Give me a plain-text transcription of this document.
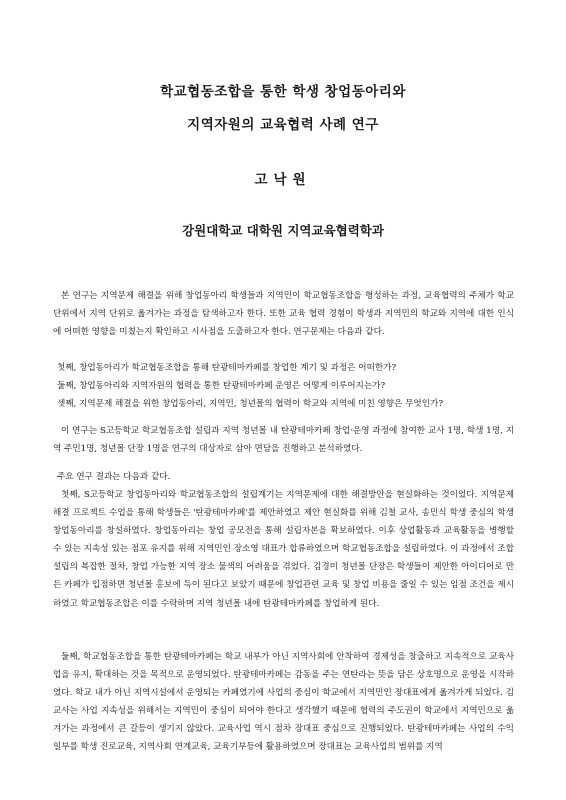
학교협동조합을 통한 학생 창업동아리와
지역자원의 교육협력 사례 연구

고낙원

강원대학교 대학원 지역교육협력학과

본 연구는 지역문제 해결을 위해 창업동아리 학생들과 지역민이 학교협동조합을 형성하는 과정, 교육협력의 주체가 학교 단위에서 지역 단위로 옮겨가는 과정을 탐색하고자 한다. 또한 교육 협력 경험이 학생과 지역민의 학교와 지역에 대한 인식에 어떠한 영향을 미쳤는지 확인하고 시사점을 도출하고자 한다. 연구문제는 다음과 같다.

첫째, 창업동아리가 학교협동조합을 통해 탄광테마카페를 창업한 계기 및 과정은 어떠한가?

둘째, 창업동아리와 지역자원의 협력을 통한 탄광테마카페 운영은 어떻게 이루어지는가?

셋째, 지역문제 해결을 위한 창업동아리, 지역민, 청년몰의 협력이 학교와 지역에 미친 영향은 무엇인가?

이 연구는 S고등학교 학교협동조합 설립과 지역 청년몰 내 탄광테마카페 창업·운영 과정에 참여한 교사 1명, 학생 1명, 지역 주민1명, 청년몰 단장 1명을 연구의 대상자로 삼아 면담을 진행하고 분석하였다.

주요 연구 결과는 다음과 같다.

첫째, S고등학교 창업동아리와 학교협동조합의 설립계기는 지역문제에 대한 해결방안을 현실화하는 것이었다. 지역문제 해결 프로젝트 수업을 통해 학생들은 '탄광테마카페'를 제안하였고 제안 현실화를 위해 김철 교사, 송민식 학생 중심의 학생 창업동아리를 창설하였다. 창업동아리는 창업 공모전을 통해 설립자본을 확보하였다. 이후 상업활동과 교육활동을 병행할 수 있는 지속성 있는 점포 유지를 위해 지역민인 장소영 대표가 합류하였으며 학교협동조합을 설립하였다. 이 과정에서 조합 설립의 복잡한 절차, 창업 가능한 지역 장소 물색의 어려움을 겪었다. 김경미 청년몰 단장은 학생들이 제안한 아이디어로 만든 카페가 입점하면 청년몰 홍보에 득이 된다고 보았기 때문에 창업관련 교육 및 창업 비용을 줄일 수 있는 임점 조건을 제시하였고 학교협동조합은 이를 수락하며 지역 청년몰 내에 탄광테마카페를 창업하게 된다.

둘째, 학교협동조합을 통한 탄광테마카페는 학교 내부가 아닌 지역사회에 안착하여 경제성을 창출하고 지속적으로 교육사업을 유지, 확대하는 것을 목적으로 운영되었다. 탄광테마카페는 감동을 주는 연탄라는 뜻을 담은 상호명으로 운영을 시작하였다. 학교 내가 아닌 지역시설에서 운영되는 카페였기에 사업의 중심이 학교에서 지역민인 장대표에게 옮겨가게 되었다. 김교사는 사업 지속성을 위해서는 지역민이 중심이 되어야 한다고 생각했기 때문에 협력의 주도권이 학교에서 지역민으로 옮겨가는 과정에서 큰 갈등이 생기지 않았다. 교육사업 역시 점차 장대표 중심으로 진행되었다. 탄광테마카페는 사업의 수익 일부를 학생 진로교육, 지역사회 연계교육, 교육기부등에 활용하였으며 장대표는 교육사업의 범위를 지역
